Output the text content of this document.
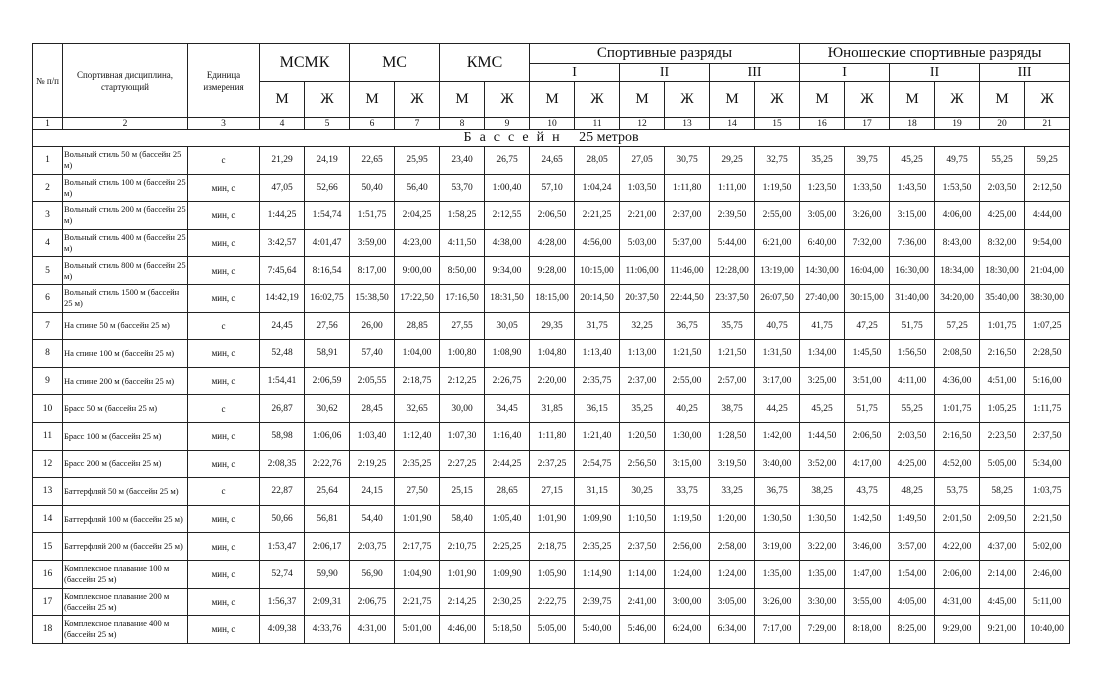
№ п/п	Спортивная дисциплина, стартующий	Единица измерения	МСМК		МС		КМС		Спортивные разряды						Юношеские спортивные разряды					
									I		II		III		I		II		III	
			М	Ж	М	Ж	М	Ж	М	Ж	М	Ж	М	Ж	М	Ж	М	Ж	М	Ж
1	2	3	4	5	6	7	8	9	10	11	12	13	14	15	16	17	18	19	20	21
Бассейн 25 метров																				
1	Вольный стиль 50 м (бассейн 25 м)	с	21,29	24,19	22,65	25,95	23,40	26,75	24,65	28,05	27,05	30,75	29,25	32,75	35,25	39,75	45,25	49,75	55,25	59,25
2	Вольный стиль 100 м (бассейн 25 м)	мин, с	47,05	52,66	50,40	56,40	53,70	1:00,40	57,10	1:04,24	1:03,50	1:11,80	1:11,00	1:19,50	1:23,50	1:33,50	1:43,50	1:53,50	2:03,50	2:12,50
3	Вольный стиль 200 м (бассейн 25 м)	мин, с	1:44,25	1:54,74	1:51,75	2:04,25	1:58,25	2:12,55	2:06,50	2:21,25	2:21,00	2:37,00	2:39,50	2:55,00	3:05,00	3:26,00	3:15,00	4:06,00	4:25,00	4:44,00
4	Вольный стиль 400 м (бассейн 25 м)	мин, с	3:42,57	4:01,47	3:59,00	4:23,00	4:11,50	4:38,00	4:28,00	4:56,00	5:03,00	5:37,00	5:44,00	6:21,00	6:40,00	7:32,00	7:36,00	8:43,00	8:32,00	9:54,00
5	Вольный стиль 800 м (бассейн 25 м)	мин, с	7:45,64	8:16,54	8:17,00	9:00,00	8:50,00	9:34,00	9:28,00	10:15,00	11:06,00	11:46,00	12:28,00	13:19,00	14:30,00	16:04,00	16:30,00	18:34,00	18:30,00	21:04,00
6	Вольный стиль 1500 м (бассейн 25 м)	мин, с	14:42,19	16:02,75	15:38,50	17:22,50	17:16,50	18:31,50	18:15,00	20:14,50	20:37,50	22:44,50	23:37,50	26:07,50	27:40,00	30:15,00	31:40,00	34:20,00	35:40,00	38:30,00
7	На спине 50 м (бассейн 25 м)	с	24,45	27,56	26,00	28,85	27,55	30,05	29,35	31,75	32,25	36,75	35,75	40,75	41,75	47,25	51,75	57,25	1:01,75	1:07,25
8	На спине 100 м (бассейн 25 м)	мин, с	52,48	58,91	57,40	1:04,00	1:00,80	1:08,90	1:04,80	1:13,40	1:13,00	1:21,50	1:21,50	1:31,50	1:34,00	1:45,50	1:56,50	2:08,50	2:16,50	2:28,50
9	На спине 200 м (бассейн 25 м)	мин, с	1:54,41	2:06,59	2:05,55	2:18,75	2:12,25	2:26,75	2:20,00	2:35,75	2:37,00	2:55,00	2:57,00	3:17,00	3:25,00	3:51,00	4:11,00	4:36,00	4:51,00	5:16,00
10	Брасс 50 м (бассейн 25 м)	с	26,87	30,62	28,45	32,65	30,00	34,45	31,85	36,15	35,25	40,25	38,75	44,25	45,25	51,75	55,25	1:01,75	1:05,25	1:11,75
11	Брасс 100 м (бассейн 25 м)	мин, с	58,98	1:06,06	1:03,40	1:12,40	1:07,30	1:16,40	1:11,80	1:21,40	1:20,50	1:30,00	1:28,50	1:42,00	1:44,50	2:06,50	2:03,50	2:16,50	2:23,50	2:37,50
12	Брасс 200 м (бассейн 25 м)	мин, с	2:08,35	2:22,76	2:19,25	2:35,25	2:27,25	2:44,25	2:37,25	2:54,75	2:56,50	3:15,00	3:19,50	3:40,00	3:52,00	4:17,00	4:25,00	4:52,00	5:05,00	5:34,00
13	Баттерфляй 50 м (бассейн 25 м)	с	22,87	25,64	24,15	27,50	25,15	28,65	27,15	31,15	30,25	33,75	33,25	36,75	38,25	43,75	48,25	53,75	58,25	1:03,75
14	Баттерфляй 100 м (бассейн 25 м)	мин, с	50,66	56,81	54,40	1:01,90	58,40	1:05,40	1:01,90	1:09,90	1:10,50	1:19,50	1:20,00	1:30,50	1:30,50	1:42,50	1:49,50	2:01,50	2:09,50	2:21,50
15	Баттерфляй 200 м (бассейн 25 м)	мин, с	1:53,47	2:06,17	2:03,75	2:17,75	2:10,75	2:25,25	2:18,75	2:35,25	2:37,50	2:56,00	2:58,00	3:19,00	3:22,00	3:46,00	3:57,00	4:22,00	4:37,00	5:02,00
16	Комплексное плавание 100 м (бассейн 25 м)	мин, с	52,74	59,90	56,90	1:04,90	1:01,90	1:09,90	1:05,90	1:14,90	1:14,00	1:24,00	1:24,00	1:35,00	1:35,00	1:47,00	1:54,00	2:06,00	2:14,00	2:46,00
17	Комплексное плавание 200 м (бассейн 25 м)	мин, с	1:56,37	2:09,31	2:06,75	2:21,75	2:14,25	2:30,25	2:22,75	2:39,75	2:41,00	3:00,00	3:05,00	3:26,00	3:30,00	3:55,00	4:05,00	4:31,00	4:45,00	5:11,00
18	Комплексное плавание 400 м (бассейн 25 м)	мин, с	4:09,38	4:33,76	4:31,00	5:01,00	4:46,00	5:18,50	5:05,00	5:40,00	5:46,00	6:24,00	6:34,00	7:17,00	7:29,00	8:18,00	8:25,00	9:29,00	9:21,00	10:40,00
